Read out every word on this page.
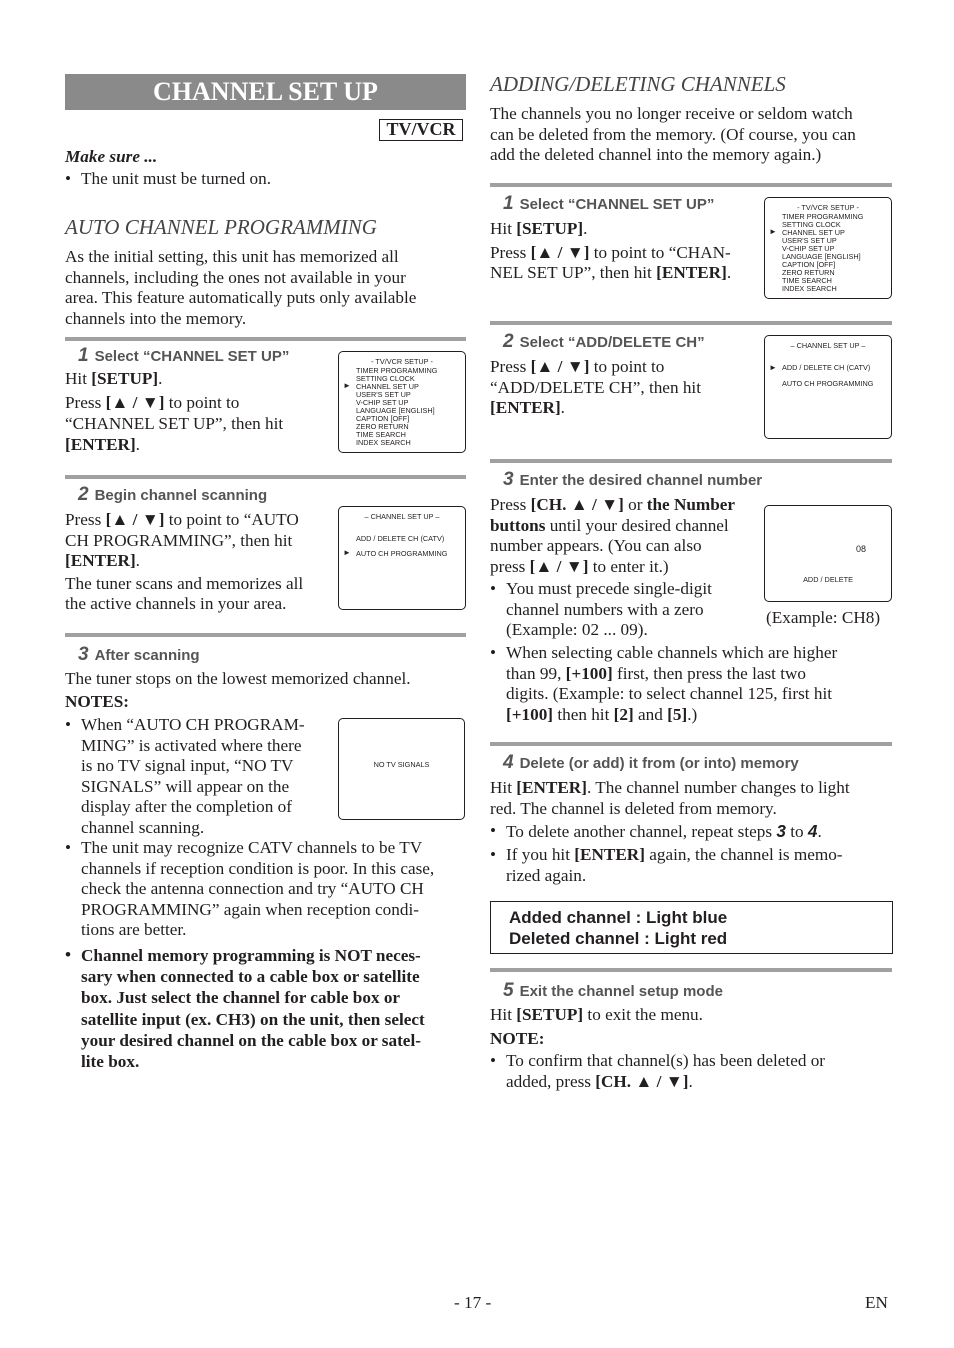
CHANNEL SET UP
TV/VCR
Make sure ...
• The unit must be turned on.
AUTO CHANNEL PROGRAMMING
As the initial setting, this unit has memorized all
channels, including the ones not available in your
area. This feature automatically puts only available
channels into the memory.
1 Select “CHANNEL SET UP”
Hit [SETUP].
Press [▲ / ▼] to point to
“CHANNEL SET UP”, then hit
[ENTER].
- TV/VCR SETUP -
TIMER PROGRAMMING
SETTING CLOCK
► CHANNEL SET UP
USER'S SET UP
V-CHIP SET UP
LANGUAGE [ENGLISH]
CAPTION [OFF]
ZERO RETURN
TIME SEARCH
INDEX SEARCH
2 Begin channel scanning
Press [▲ / ▼] to point to “AUTO
CH PROGRAMMING”, then hit
[ENTER].
The tuner scans and memorizes all
the active channels in your area.
– CHANNEL SET UP –
ADD / DELETE CH (CATV)
► AUTO CH PROGRAMMING
3 After scanning
The tuner stops on the lowest memorized channel.
NOTES:
• When “AUTO CH PROGRAM-
MING” is activated where there
is no TV signal input, “NO TV
SIGNALS” will appear on the
display after the completion of
channel scanning.
NO TV SIGNALS
• The unit may recognize CATV channels to be TV
channels if reception condition is poor. In this case,
check the antenna connection and try “AUTO CH
PROGRAMMING” again when reception condi-
tions are better.
• Channel memory programming is NOT neces-
sary when connected to a cable box or satellite
box. Just select the channel for cable box or
satellite input (ex. CH3) on the unit, then select
your desired channel on the cable box or satel-
lite box.
ADDING/DELETING CHANNELS
The channels you no longer receive or seldom watch
can be deleted from the memory. (Of course, you can
add the deleted channel into the memory again.)
1 Select “CHANNEL SET UP”
Hit [SETUP].
Press [▲ / ▼] to point to “CHAN-
NEL SET UP”, then hit [ENTER].
- TV/VCR SETUP -
TIMER PROGRAMMING
SETTING CLOCK
► CHANNEL SET UP
USER'S SET UP
V-CHIP SET UP
LANGUAGE [ENGLISH]
CAPTION [OFF]
ZERO RETURN
TIME SEARCH
INDEX SEARCH
2 Select “ADD/DELETE CH”
Press [▲ / ▼] to point to
“ADD/DELETE CH”, then hit
[ENTER].
– CHANNEL SET UP –
► ADD / DELETE CH (CATV)
AUTO CH PROGRAMMING
3 Enter the desired channel number
Press [CH. ▲ / ▼] or the Number
buttons until your desired channel
number appears. (You can also
press [▲ / ▼] to enter it.)
• You must precede single-digit
channel numbers with a zero
(Example: 02 ... 09).
08
ADD / DELETE
(Example: CH8)
• When selecting cable channels which are higher
than 99, [+100] first, then press the last two
digits. (Example: to select channel 125, first hit
[+100] then hit [2] and [5].)
4 Delete (or add) it from (or into) memory
Hit [ENTER]. The channel number changes to light
red. The channel is deleted from memory.
• To delete another channel, repeat steps 3 to 4.
• If you hit [ENTER] again, the channel is memo-
rized again.
Added channel : Light blue
Deleted channel : Light red
5 Exit the channel setup mode
Hit [SETUP] to exit the menu.
NOTE:
• To confirm that channel(s) has been deleted or
added, press [CH. ▲ / ▼].
- 17 -	EN
